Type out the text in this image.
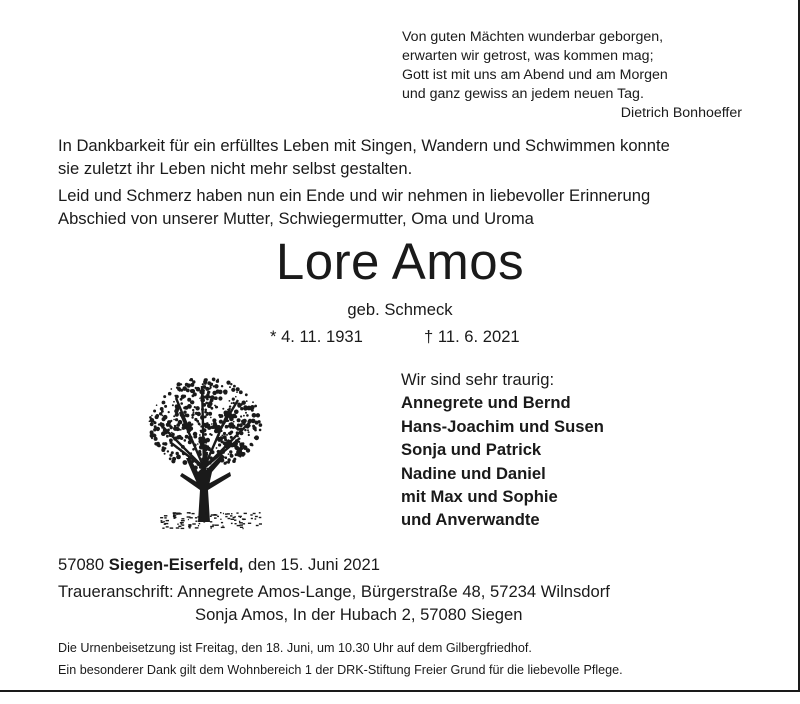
Von guten Mächten wunderbar geborgen,
erwarten wir getrost, was kommen mag;
Gott ist mit uns am Abend und am Morgen
und ganz gewiss an jedem neuen Tag.
Dietrich Bonhoeffer
In Dankbarkeit für ein erfülltes Leben mit Singen, Wandern und Schwimmen konnte
sie zuletzt ihr Leben nicht mehr selbst gestalten.
Leid und Schmerz haben nun ein Ende und wir nehmen in liebevoller Erinnerung
Abschied von unserer Mutter, Schwiegermutter, Oma und Uroma
Lore Amos
geb. Schmeck
* 4. 11. 1931	† 11. 6. 2021
Wir sind sehr traurig:
Annegrete und Bernd
Hans-Joachim und Susen
Sonja und Patrick
Nadine und Daniel
mit Max und Sophie
und Anverwandte
57080 Siegen-Eiserfeld, den 15. Juni 2021
Traueranschrift: Annegrete Amos-Lange, Bürgerstraße 48, 57234 Wilnsdorf
Sonja Amos, In der Hubach 2, 57080 Siegen
Die Urnenbeisetzung ist Freitag, den 18. Juni, um 10.30 Uhr auf dem Gilbergfriedhof.
Ein besonderer Dank gilt dem Wohnbereich 1 der DRK-Stiftung Freier Grund für die liebevolle Pflege.
